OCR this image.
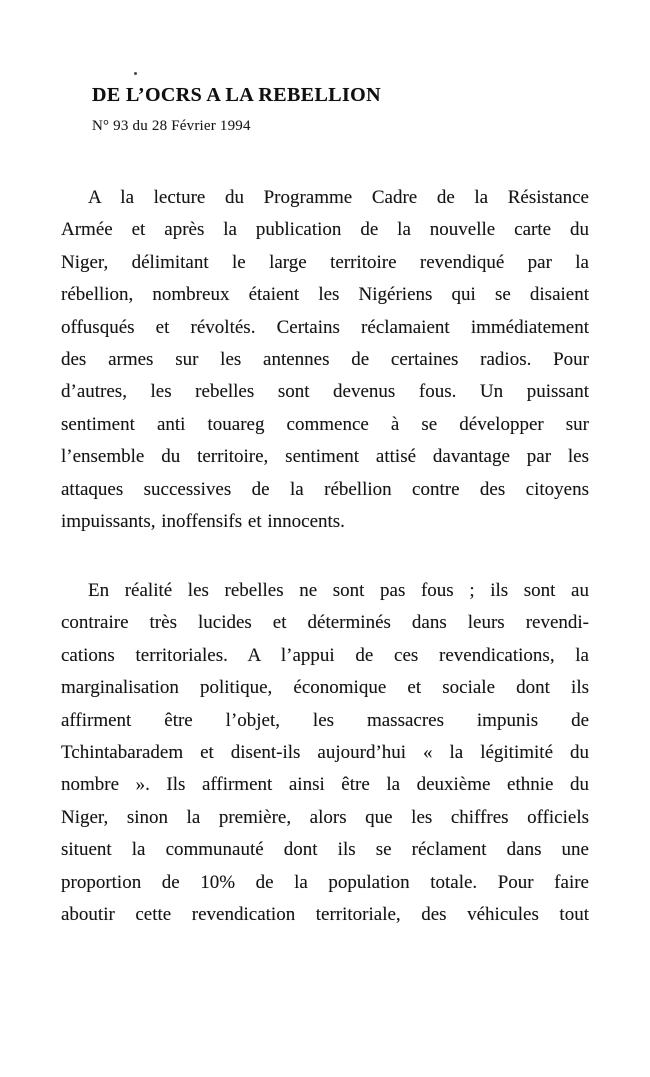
DE L’OCRS A LA REBELLION
N° 93 du 28 Février 1994
A la lecture du Programme Cadre de la Résistance
Armée et après la publication de la nouvelle carte du
Niger, délimitant le large territoire revendiqué par la
rébellion, nombreux étaient les Nigériens qui se disaient
offusqués et révoltés. Certains réclamaient immédiatement
des armes sur les antennes de certaines radios. Pour
d’autres, les rebelles sont devenus fous. Un puissant
sentiment anti touareg commence à se développer sur
l’ensemble du territoire, sentiment attisé davantage par les
attaques successives de la rébellion contre des citoyens
impuissants, inoffensifs et innocents.
En réalité les rebelles ne sont pas fous ; ils sont au
contraire très lucides et déterminés dans leurs revendi-
cations territoriales. A l’appui de ces revendications, la
marginalisation politique, économique et sociale dont ils
affirment être l’objet, les massacres impunis de
Tchintabaradem et disent-ils aujourd’hui « la légitimité du
nombre ». Ils affirment ainsi être la deuxième ethnie du
Niger, sinon la première, alors que les chiffres officiels
situent la communauté dont ils se réclament dans une
proportion de 10% de la population totale. Pour faire
aboutir cette revendication territoriale, des véhicules tout
